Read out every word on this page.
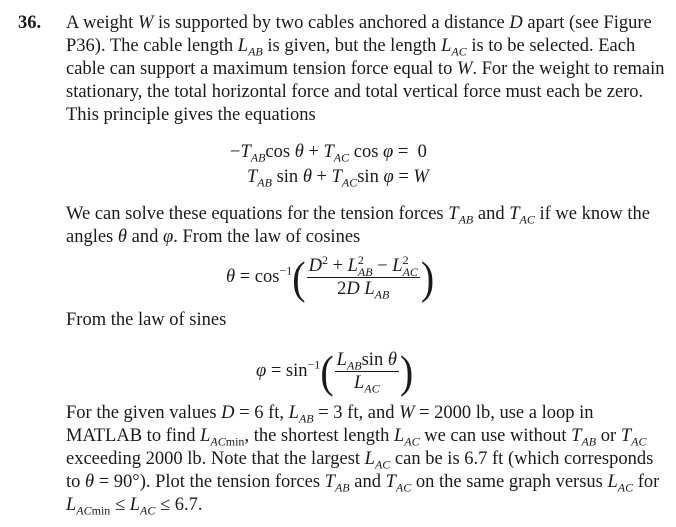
36. A weight W is supported by two cables anchored a distance D apart (see Figure P36). The cable length $L_{AB}$ is given, but the length $L_{AC}$ is to be selected. Each cable can support a maximum tension force equal to W. For the weight to remain stationary, the total horizontal force and total vertical force must each be zero. This principle gives the equations
$-T_{AB}\cos$ $\theta + T_{AC}$ cos φ =  0
$T_{AB}$ $\sin \theta + T_{AC}\sin$ φ = W
We can solve these equations for the tension forces $T_{AB}$ and $T_{AC}$ if we know the angles θ and φ. From the law of cosines
$\theta = \cos^{-1}( \frac{D^2 + L^2_{AB} - L^2_{AC}}{2D L_{AB}}$ )
From the law of sines
$\varphi = \sin^{-1}( \frac{L_{AB}\sin \theta}{L_{AC}}$ )
For the given values D = 6 ft, $L_{AB} = 3$ ft, and W = 2000 lb, use a loop in MATLAB to find $L_{ACmin}$, the shortest length $L_{AC}$ we can use without $T_{AB}$ or $T_{AC}$ exceeding 2000 lb. Note that the largest $L_{AC}$ can be is 6.7 ft (which corresponds to θ = 90°). Plot the tension forces $T_{AB}$ and $T_{AC}$ on the same graph versus $L_{AC}$ for $L_{ACmin} \le L_{AC} \le 6.7$.
